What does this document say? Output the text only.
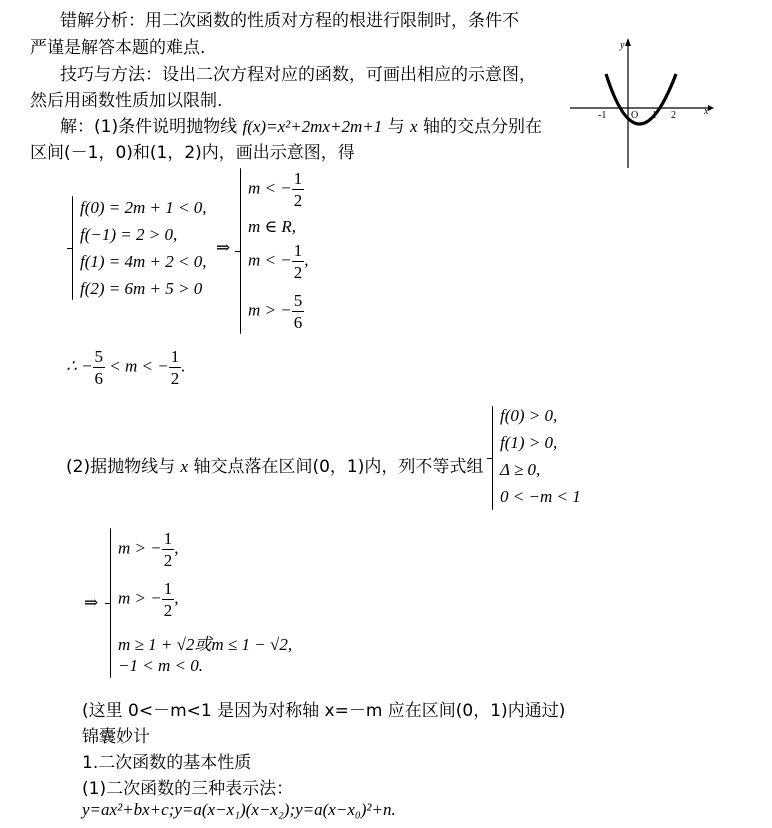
错解分析：用二次函数的性质对方程的根进行限制时，条件不
严谨是解答本题的难点.
技巧与方法：设出二次方程对应的函数，可画出相应的示意图，
然后用函数性质加以限制.
解：(1)条件说明抛物线 f(x)=x²+2mx+2m+1 与 x 轴的交点分别在
区间(－1，0)和(1，2)内，画出示意图，得
y
x
-1 O 1 2
f(0) = 2m + 1 < 0,
f(−1) = 2 > 0,
f(1) = 4m + 2 < 0,
f(2) = 6m + 5 > 0
⇒
m < − $\frac{1}{2}$
m ∈ R,
m < − $\frac{1}{2}$ ,
m > − $\frac{5}{6}$
∴ − $\frac{5}{6} < m$ < − $\frac{1}{2}$ .
(2)据抛物线与 x 轴交点落在区间(0，1)内，列不等式组
f(0) > 0,
f(1) > 0,
Δ ≥ 0,
0 < −m < 1
⇒
m > − $\frac{1}{2}$ ,
m > − $\frac{1}{2}$ ,
m ≥ 1 + √2或m ≤ 1 − √2,
−1 < m < 0.
(这里 0<－m<1 是因为对称轴 x=－m 应在区间(0，1)内通过)
锦囊妙计
1.二次函数的基本性质
(1)二次函数的三种表示法：
y=ax²+bx+c;y=a(x−x₁)(x−x₂);y=a(x−x₀)²+n.
